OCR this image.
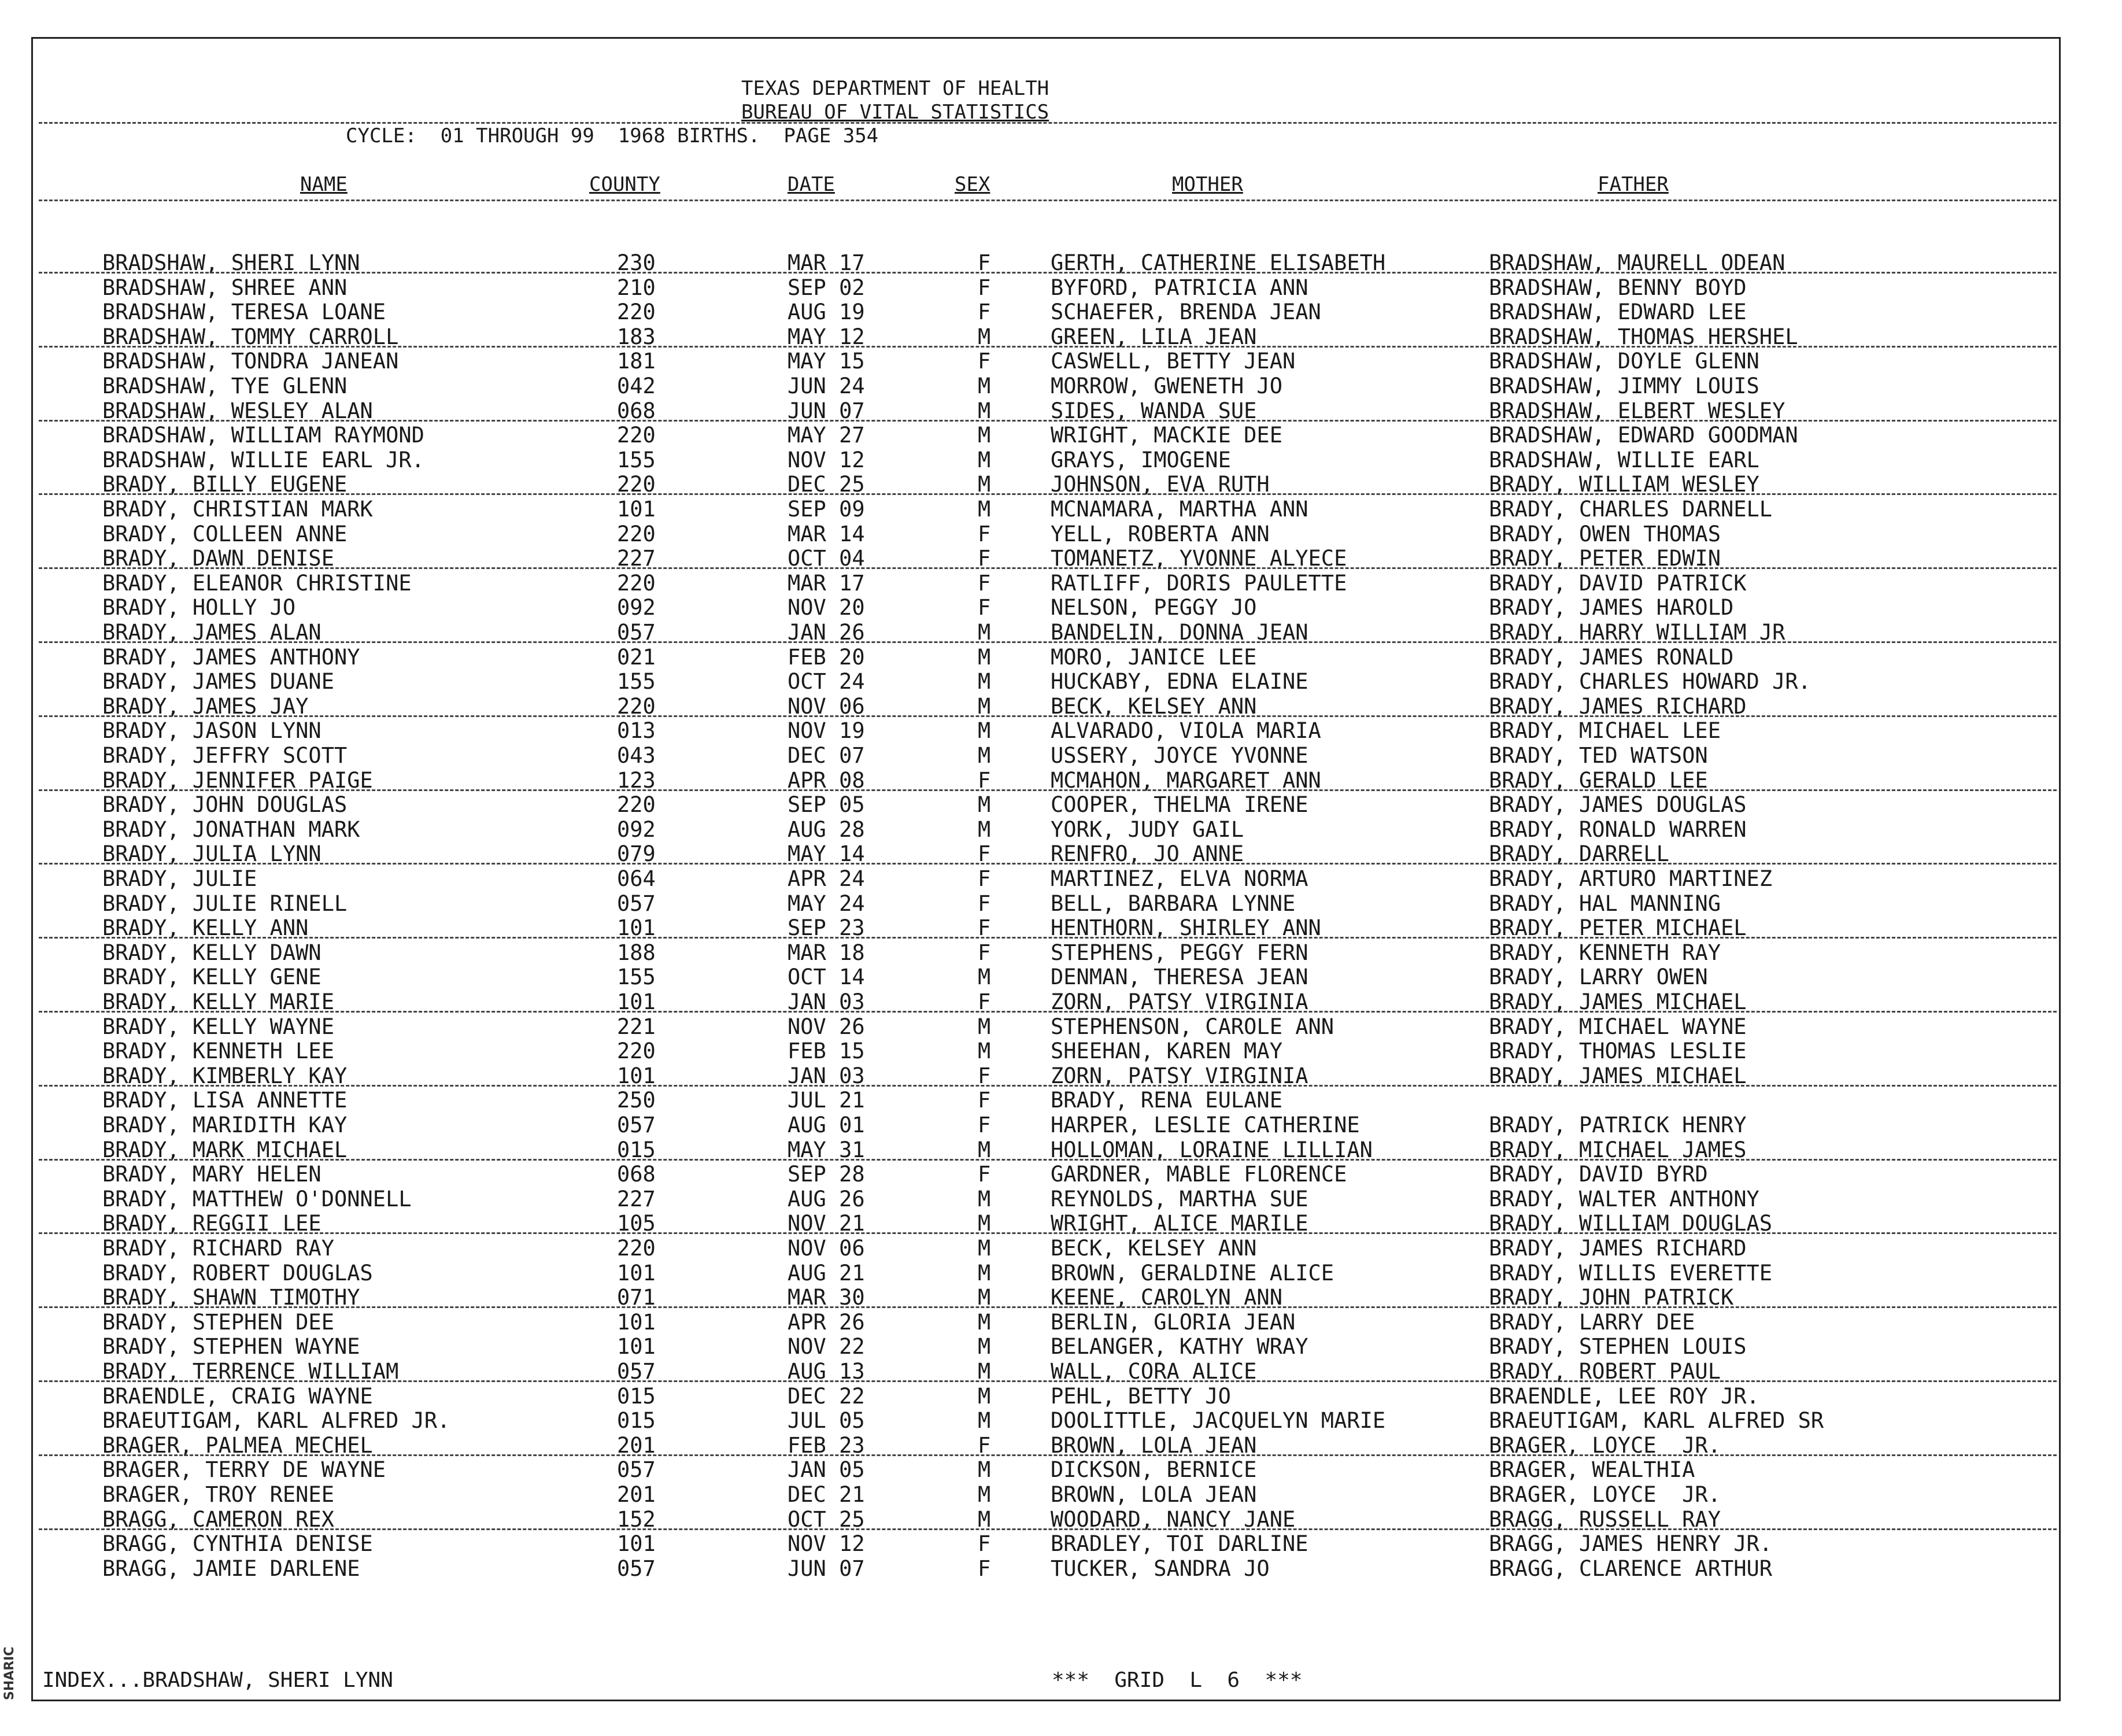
SHARIC
TEXAS DEPARTMENT OF HEALTH
BUREAU OF VITAL STATISTICS
CYCLE:  01 THROUGH 99  1968 BIRTHS.  PAGE 354
NAME	COUNTY	DATE	SEX	MOTHER	FATHER
BRADSHAW, SHERI LYNN	230	MAR 17	F	GERTH, CATHERINE ELISABETH	BRADSHAW, MAURELL ODEAN
BRADSHAW, SHREE ANN	210	SEP 02	F	BYFORD, PATRICIA ANN	BRADSHAW, BENNY BOYD
BRADSHAW, TERESA LOANE	220	AUG 19	F	SCHAEFER, BRENDA JEAN	BRADSHAW, EDWARD LEE
BRADSHAW, TOMMY CARROLL	183	MAY 12	M	GREEN, LILA JEAN	BRADSHAW, THOMAS HERSHEL
BRADSHAW, TONDRA JANEAN	181	MAY 15	F	CASWELL, BETTY JEAN	BRADSHAW, DOYLE GLENN
BRADSHAW, TYE GLENN	042	JUN 24	M	MORROW, GWENETH JO	BRADSHAW, JIMMY LOUIS
BRADSHAW, WESLEY ALAN	068	JUN 07	M	SIDES, WANDA SUE	BRADSHAW, ELBERT WESLEY
BRADSHAW, WILLIAM RAYMOND	220	MAY 27	M	WRIGHT, MACKIE DEE	BRADSHAW, EDWARD GOODMAN
BRADSHAW, WILLIE EARL JR.	155	NOV 12	M	GRAYS, IMOGENE	BRADSHAW, WILLIE EARL
BRADY, BILLY EUGENE	220	DEC 25	M	JOHNSON, EVA RUTH	BRADY, WILLIAM WESLEY
BRADY, CHRISTIAN MARK	101	SEP 09	M	MCNAMARA, MARTHA ANN	BRADY, CHARLES DARNELL
BRADY, COLLEEN ANNE	220	MAR 14	F	YELL, ROBERTA ANN	BRADY, OWEN THOMAS
BRADY, DAWN DENISE	227	OCT 04	F	TOMANETZ, YVONNE ALYECE	BRADY, PETER EDWIN
BRADY, ELEANOR CHRISTINE	220	MAR 17	F	RATLIFF, DORIS PAULETTE	BRADY, DAVID PATRICK
BRADY, HOLLY JO	092	NOV 20	F	NELSON, PEGGY JO	BRADY, JAMES HAROLD
BRADY, JAMES ALAN	057	JAN 26	M	BANDELIN, DONNA JEAN	BRADY, HARRY WILLIAM JR
BRADY, JAMES ANTHONY	021	FEB 20	M	MORO, JANICE LEE	BRADY, JAMES RONALD
BRADY, JAMES DUANE	155	OCT 24	M	HUCKABY, EDNA ELAINE	BRADY, CHARLES HOWARD JR.
BRADY, JAMES JAY	220	NOV 06	M	BECK, KELSEY ANN	BRADY, JAMES RICHARD
BRADY, JASON LYNN	013	NOV 19	M	ALVARADO, VIOLA MARIA	BRADY, MICHAEL LEE
BRADY, JEFFRY SCOTT	043	DEC 07	M	USSERY, JOYCE YVONNE	BRADY, TED WATSON
BRADY, JENNIFER PAIGE	123	APR 08	F	MCMAHON, MARGARET ANN	BRADY, GERALD LEE
BRADY, JOHN DOUGLAS	220	SEP 05	M	COOPER, THELMA IRENE	BRADY, JAMES DOUGLAS
BRADY, JONATHAN MARK	092	AUG 28	M	YORK, JUDY GAIL	BRADY, RONALD WARREN
BRADY, JULIA LYNN	079	MAY 14	F	RENFRO, JO ANNE	BRADY, DARRELL
BRADY, JULIE	064	APR 24	F	MARTINEZ, ELVA NORMA	BRADY, ARTURO MARTINEZ
BRADY, JULIE RINELL	057	MAY 24	F	BELL, BARBARA LYNNE	BRADY, HAL MANNING
BRADY, KELLY ANN	101	SEP 23	F	HENTHORN, SHIRLEY ANN	BRADY, PETER MICHAEL
BRADY, KELLY DAWN	188	MAR 18	F	STEPHENS, PEGGY FERN	BRADY, KENNETH RAY
BRADY, KELLY GENE	155	OCT 14	M	DENMAN, THERESA JEAN	BRADY, LARRY OWEN
BRADY, KELLY MARIE	101	JAN 03	F	ZORN, PATSY VIRGINIA	BRADY, JAMES MICHAEL
BRADY, KELLY WAYNE	221	NOV 26	M	STEPHENSON, CAROLE ANN	BRADY, MICHAEL WAYNE
BRADY, KENNETH LEE	220	FEB 15	M	SHEEHAN, KAREN MAY	BRADY, THOMAS LESLIE
BRADY, KIMBERLY KAY	101	JAN 03	F	ZORN, PATSY VIRGINIA	BRADY, JAMES MICHAEL
BRADY, LISA ANNETTE	250	JUL 21	F	BRADY, RENA EULANE
BRADY, MARIDITH KAY	057	AUG 01	F	HARPER, LESLIE CATHERINE	BRADY, PATRICK HENRY
BRADY, MARK MICHAEL	015	MAY 31	M	HOLLOMAN, LORAINE LILLIAN	BRADY, MICHAEL JAMES
BRADY, MARY HELEN	068	SEP 28	F	GARDNER, MABLE FLORENCE	BRADY, DAVID BYRD
BRADY, MATTHEW O'DONNELL	227	AUG 26	M	REYNOLDS, MARTHA SUE	BRADY, WALTER ANTHONY
BRADY, REGGII LEE	105	NOV 21	M	WRIGHT, ALICE MARILE	BRADY, WILLIAM DOUGLAS
BRADY, RICHARD RAY	220	NOV 06	M	BECK, KELSEY ANN	BRADY, JAMES RICHARD
BRADY, ROBERT DOUGLAS	101	AUG 21	M	BROWN, GERALDINE ALICE	BRADY, WILLIS EVERETTE
BRADY, SHAWN TIMOTHY	071	MAR 30	M	KEENE, CAROLYN ANN	BRADY, JOHN PATRICK
BRADY, STEPHEN DEE	101	APR 26	M	BERLIN, GLORIA JEAN	BRADY, LARRY DEE
BRADY, STEPHEN WAYNE	101	NOV 22	M	BELANGER, KATHY WRAY	BRADY, STEPHEN LOUIS
BRADY, TERRENCE WILLIAM	057	AUG 13	M	WALL, CORA ALICE	BRADY, ROBERT PAUL
BRAENDLE, CRAIG WAYNE	015	DEC 22	M	PEHL, BETTY JO	BRAENDLE, LEE ROY JR.
BRAEUTIGAM, KARL ALFRED JR.	015	JUL 05	M	DOOLITTLE, JACQUELYN MARIE	BRAEUTIGAM, KARL ALFRED SR
BRAGER, PALMEA MECHEL	201	FEB 23	F	BROWN, LOLA JEAN	BRAGER, LOYCE  JR.
BRAGER, TERRY DE WAYNE	057	JAN 05	M	DICKSON, BERNICE	BRAGER, WEALTHIA
BRAGER, TROY RENEE	201	DEC 21	M	BROWN, LOLA JEAN	BRAGER, LOYCE  JR.
BRAGG, CAMERON REX	152	OCT 25	M	WOODARD, NANCY JANE	BRAGG, RUSSELL RAY
BRAGG, CYNTHIA DENISE	101	NOV 12	F	BRADLEY, TOI DARLINE	BRAGG, JAMES HENRY JR.
BRAGG, JAMIE DARLENE	057	JUN 07	F	TUCKER, SANDRA JO	BRAGG, CLARENCE ARTHUR
INDEX...BRADSHAW, SHERI LYNN	***  GRID  L  6  ***
